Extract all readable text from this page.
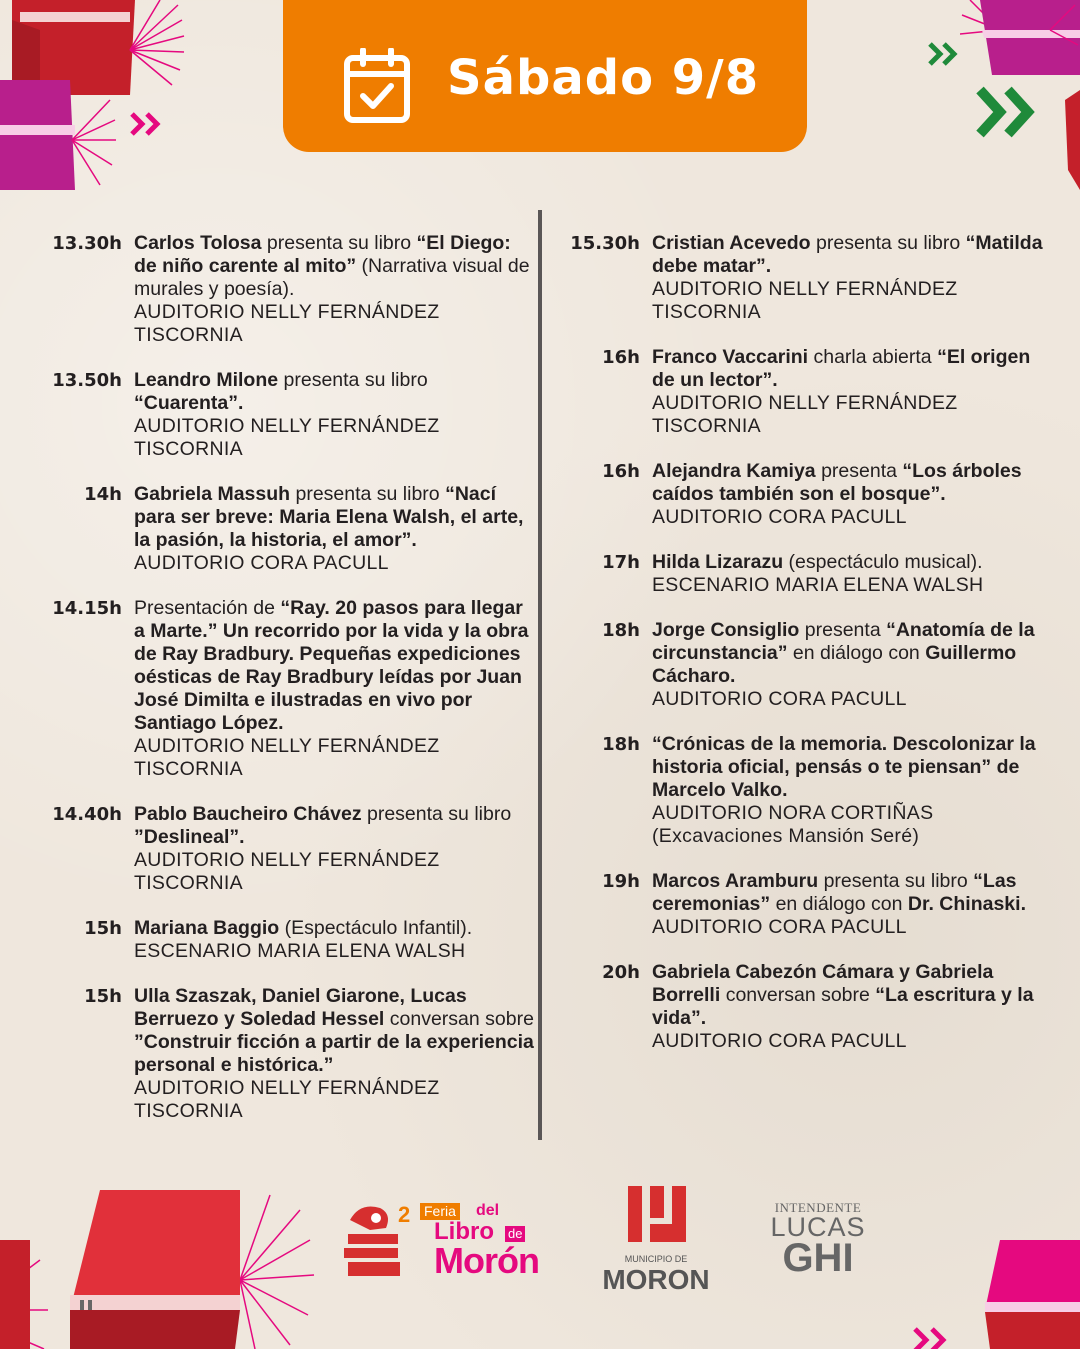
Sábado 9/8
13.30h Carlos Tolosa presenta su libro “El Diego: de niño carente al mito” (Narrativa visual de murales y poesía).
AUDITORIO NELLY FERNÁNDEZ
TISCORNIA
13.50h Leandro Milone presenta su libro “Cuarenta”.
AUDITORIO NELLY FERNÁNDEZ
TISCORNIA
14h Gabriela Massuh presenta su libro “Nací para ser breve: Maria Elena Walsh, el arte, la pasión, la historia, el amor”.
AUDITORIO CORA PACULL
14.15h Presentación de “Ray. 20 pasos para llegar a Marte.” Un recorrido por la vida y la obra de Ray Bradbury. Pequeñas expediciones oésticas de Ray Bradbury leídas por Juan José Dimilta e ilustradas en vivo por Santiago López.
AUDITORIO NELLY FERNÁNDEZ
TISCORNIA
14.40h Pablo Baucheiro Chávez presenta su libro ”Deslineal”.
AUDITORIO NELLY FERNÁNDEZ
TISCORNIA
15h Mariana Baggio (Espectáculo Infantil).
ESCENARIO MARIA ELENA WALSH
15h Ulla Szaszak, Daniel Giarone, Lucas Berruezo y Soledad Hessel conversan sobre ”Construir ficción a partir de la experiencia personal e histórica.”
AUDITORIO NELLY FERNÁNDEZ
TISCORNIA
15.30h Cristian Acevedo presenta su libro “Matilda debe matar”.
AUDITORIO NELLY FERNÁNDEZ
TISCORNIA
16h Franco Vaccarini charla abierta “El origen de un lector”.
AUDITORIO NELLY FERNÁNDEZ
TISCORNIA
16h Alejandra Kamiya presenta “Los árboles caídos también son el bosque”.
AUDITORIO CORA PACULL
17h Hilda Lizarazu (espectáculo musical).
ESCENARIO MARIA ELENA WALSH
18h Jorge Consiglio presenta “Anatomía de la circunstancia” en diálogo con Guillermo Cácharo.
AUDITORIO CORA PACULL
18h “Crónicas de la memoria. Descolonizar la historia oficial, pensás o te piensan” de Marcelo Valko.
AUDITORIO NORA CORTIÑAS
(Excavaciones Mansión Seré)
19h Marcos Aramburu presenta su libro “Las ceremonias” en diálogo con Dr. Chinaski.
AUDITORIO CORA PACULL
20h Gabriela Cabezón Cámara y Gabriela Borrelli conversan sobre “La escritura y la vida”.
AUDITORIO CORA PACULL
2 Feria del
Libro de
Morón	MUNICIPIO DE
MORON
INTENDENTE
LUCAS
GHI
